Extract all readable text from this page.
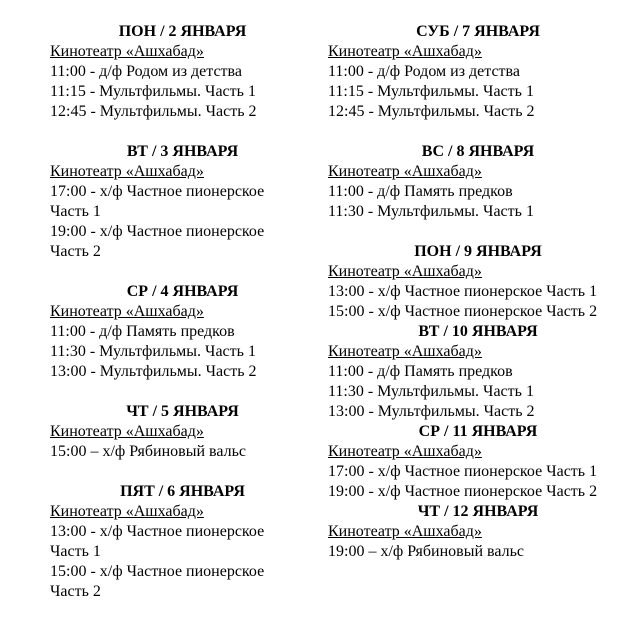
ПОН / 2 ЯНВАРЯ
Кинотеатр «Ашхабад»
11:00 - д/ф Родом из детства
11:15 - Мультфильмы. Часть 1
12:45 - Мультфильмы. Часть 2
ВТ / 3 ЯНВАРЯ
Кинотеатр «Ашхабад»
17:00 - х/ф Частное пионерское Часть 1
19:00 - х/ф Частное пионерское Часть 2
СР / 4 ЯНВАРЯ
Кинотеатр «Ашхабад»
11:00 - д/ф Память предков
11:30 - Мультфильмы. Часть 1
13:00 - Мультфильмы. Часть 2
ЧТ / 5 ЯНВАРЯ
Кинотеатр «Ашхабад»
15:00 – х/ф Рябиновый вальс
ПЯТ / 6 ЯНВАРЯ
Кинотеатр «Ашхабад»
13:00 - х/ф Частное пионерское Часть 1
15:00 - х/ф Частное пионерское Часть 2
СУБ / 7 ЯНВАРЯ
Кинотеатр «Ашхабад»
11:00 - д/ф Родом из детства
11:15 - Мультфильмы. Часть 1
12:45 - Мультфильмы. Часть 2
ВС / 8 ЯНВАРЯ
Кинотеатр «Ашхабад»
11:00 - д/ф Память предков
11:30 - Мультфильмы. Часть 1
ПОН / 9 ЯНВАРЯ
Кинотеатр «Ашхабад»
13:00 - х/ф Частное пионерское Часть 1
15:00 - х/ф Частное пионерское Часть 2
ВТ / 10 ЯНВАРЯ
Кинотеатр «Ашхабад»
11:00 - д/ф Память предков
11:30 - Мультфильмы. Часть 1
13:00 - Мультфильмы. Часть 2
СР / 11 ЯНВАРЯ
Кинотеатр «Ашхабад»
17:00 - х/ф Частное пионерское Часть 1
19:00 - х/ф Частное пионерское Часть 2
ЧТ / 12 ЯНВАРЯ
Кинотеатр «Ашхабад»
19:00 – х/ф Рябиновый вальс
